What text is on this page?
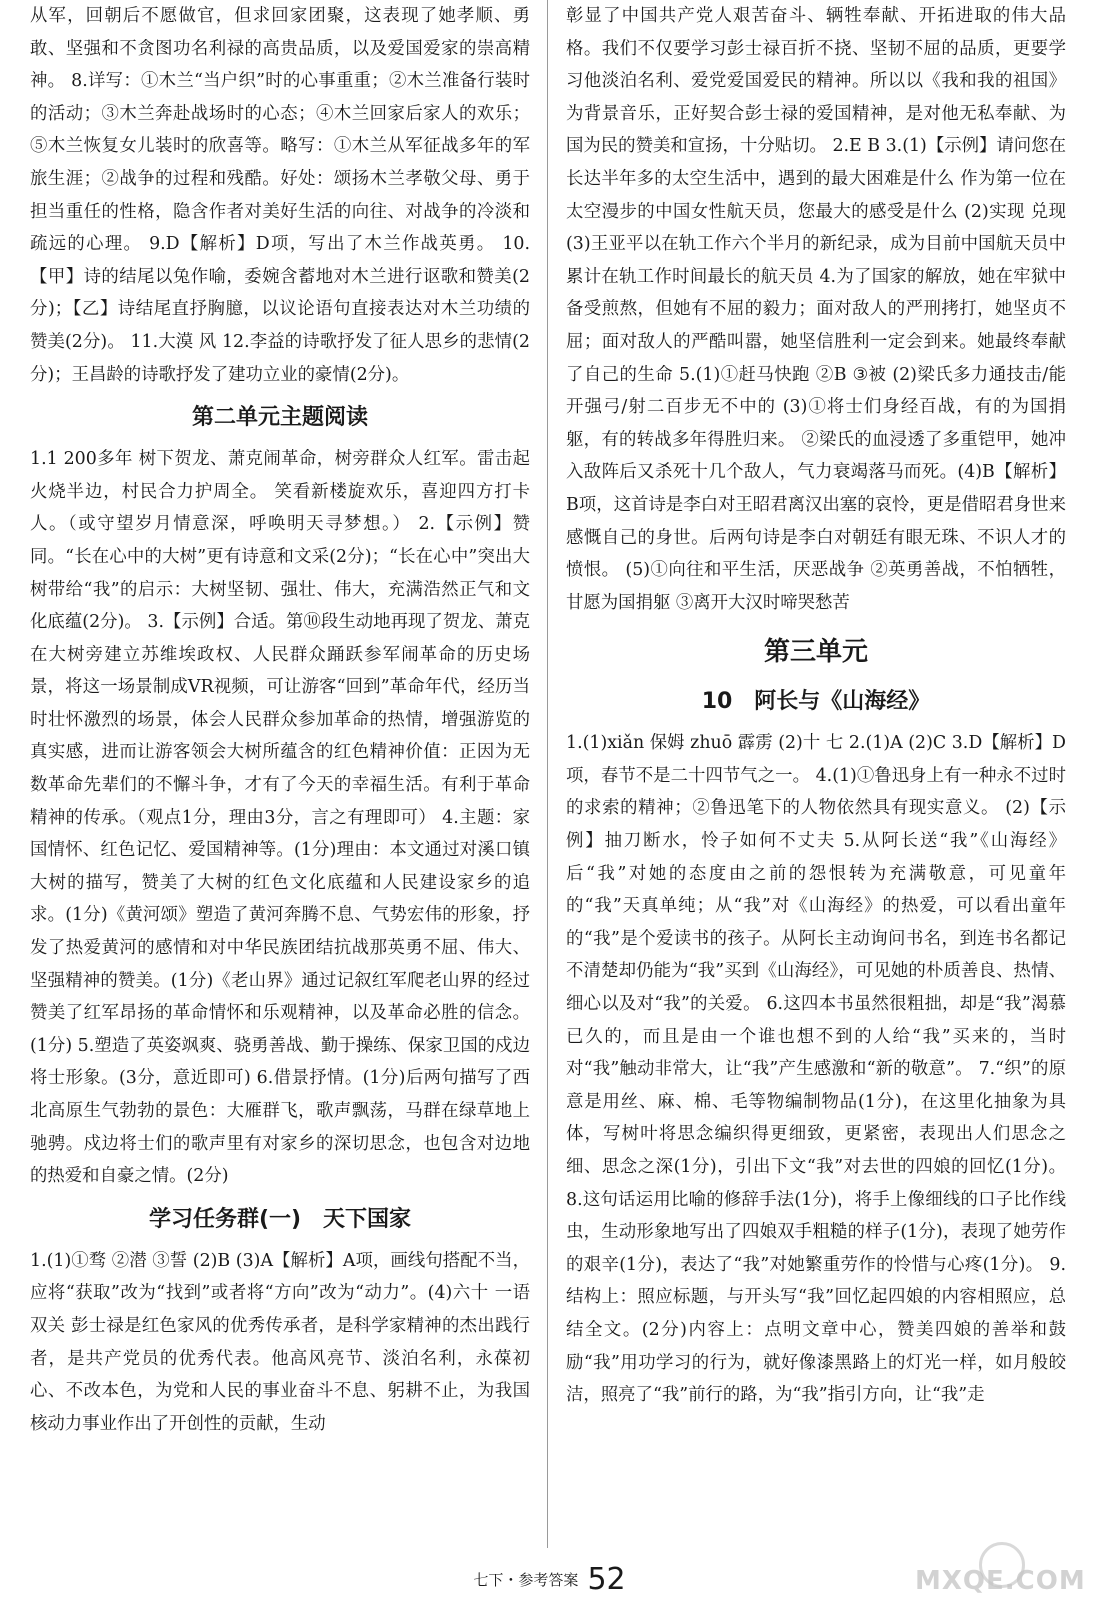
从军，回朝后不愿做官，但求回家团聚，这表现了她孝顺、勇敢、坚强和不贪图功名利禄的高贵品质，以及爱国爱家的崇高精神。 8.详写：①木兰“当户织”时的心事重重；②木兰准备行装时的活动；③木兰奔赴战场时的心态；④木兰回家后家人的欢乐；⑤木兰恢复女儿装时的欣喜等。略写：①木兰从军征战多年的军旅生涯；②战争的过程和残酷。好处：颂扬木兰孝敬父母、勇于担当重任的性格，隐含作者对美好生活的向往、对战争的冷淡和疏远的心理。 9.D【解析】D项，写出了木兰作战英勇。 10.【甲】诗的结尾以兔作喻，委婉含蓄地对木兰进行讴歌和赞美(2分)；【乙】诗结尾直抒胸臆，以议论语句直接表达对木兰功绩的赞美(2分)。 11.大漠 风 12.李益的诗歌抒发了征人思乡的悲情(2分)；王昌龄的诗歌抒发了建功立业的豪情(2分)。

第二单元主题阅读

1.1 200多年 树下贺龙、萧克闹革命，树旁群众人红军。雷击起火烧半边，村民合力护周全。 笑看新楼旋欢乐，喜迎四方打卡人。（或守望岁月情意深，呼唤明天寻梦想。） 2.【示例】赞同。“长在心中的大树”更有诗意和文采(2分)；“长在心中”突出大树带给“我”的启示：大树坚韧、强壮、伟大，充满浩然正气和文化底蕴(2分)。 3.【示例】合适。第⑩段生动地再现了贺龙、萧克在大树旁建立苏维埃政权、人民群众踊跃参军闹革命的历史场景，将这一场景制成VR视频，可让游客“回到”革命年代，经历当时壮怀激烈的场景，体会人民群众参加革命的热情，增强游览的真实感，进而让游客领会大树所蕴含的红色精神价值：正因为无数革命先辈们的不懈斗争，才有了今天的幸福生活。有利于革命精神的传承。（观点1分，理由3分，言之有理即可） 4.主题：家国情怀、红色记忆、爱国精神等。(1分)理由：本文通过对溪口镇大树的描写，赞美了大树的红色文化底蕴和人民建设家乡的追求。(1分)《黄河颂》塑造了黄河奔腾不息、气势宏伟的形象，抒发了热爱黄河的感情和对中华民族团结抗战那英勇不屈、伟大、坚强精神的赞美。(1分)《老山界》通过记叙红军爬老山界的经过赞美了红军昂扬的革命情怀和乐观精神，以及革命必胜的信念。(1分) 5.塑造了英姿飒爽、骁勇善战、勤于操练、保家卫国的戍边将士形象。(3分，意近即可) 6.借景抒情。(1分)后两句描写了西北高原生气勃勃的景色：大雁群飞，歌声飘荡，马群在绿草地上驰骋。戍边将士们的歌声里有对家乡的深切思念，也包含对边地的热爱和自豪之情。(2分)

学习任务群(一)　天下国家

1.(1)①骛 ②潜 ③誓 (2)B (3)A【解析】A项，画线句搭配不当，应将“获取”改为“找到”或者将“方向”改为“动力”。(4)六十 一语双关 彭士禄是红色家风的优秀传承者，是科学家精神的杰出践行者，是共产党员的优秀代表。他高风亮节、淡泊名利，永葆初心、不改本色，为党和人民的事业奋斗不息、躬耕不止，为我国核动力事业作出了开创性的贡献，生动

彰显了中国共产党人艰苦奋斗、辆牲奉献、开拓进取的伟大品格。我们不仅要学习彭士禄百折不挠、坚韧不屈的品质，更要学习他淡泊名利、爱党爱国爱民的精神。所以以《我和我的祖国》为背景音乐，正好契合彭士禄的爱国精神，是对他无私奉献、为国为民的赞美和宣扬，十分贴切。 2.E B 3.(1)【示例】请问您在长达半年多的太空生活中，遇到的最大困难是什么 作为第一位在太空漫步的中国女性航天员，您最大的感受是什么 (2)实现 兑现 (3)王亚平以在轨工作六个半月的新纪录，成为目前中国航天员中累计在轨工作时间最长的航天员 4.为了国家的解放，她在牢狱中备受煎熬，但她有不屈的毅力；面对敌人的严刑拷打，她坚贞不屈；面对敌人的严酷叫嚣，她坚信胜利一定会到来。她最终奉献了自己的生命 5.(1)①赶马快跑 ②B ③被 (2)梁氏多力通技击/能开强弓/射二百步无不中的 (3)①将士们身经百战，有的为国捐躯，有的转战多年得胜归来。 ②梁氏的血浸透了多重铠甲，她冲入敌阵后又杀死十几个敌人，气力衰竭落马而死。(4)B【解析】B项，这首诗是李白对王昭君离汉出塞的哀怜，更是借昭君身世来感慨自己的身世。后两句诗是李白对朝廷有眼无珠、不识人才的愤恨。 (5)①向往和平生活，厌恶战争 ②英勇善战，不怕牺牲，甘愿为国捐躯 ③离开大汉时啼哭愁苦

第三单元
10　阿长与《山海经》

1.(1)xiǎn 保姆 zhuō 霹雳 (2)十 七 2.(1)A (2)C 3.D【解析】D项，春节不是二十四节气之一。 4.(1)①鲁迅身上有一种永不过时的求索的精神；②鲁迅笔下的人物依然具有现实意义。 (2)【示例】抽刀断水，怜子如何不丈夫 5.从阿长送“我”《山海经》后“我”对她的态度由之前的怨恨转为充满敬意，可见童年的“我”天真单纯；从“我”对《山海经》的热爱，可以看出童年的“我”是个爱读书的孩子。从阿长主动询问书名，到连书名都记不清楚却仍能为“我”买到《山海经》，可见她的朴质善良、热情、细心以及对“我”的关爱。 6.这四本书虽然很粗拙，却是“我”渴慕已久的，而且是由一个谁也想不到的人给“我”买来的，当时对“我”触动非常大，让“我”产生感激和“新的敬意”。 7.“织”的原意是用丝、麻、棉、毛等物编制物品(1分)，在这里化抽象为具体，写树叶将思念编织得更细致，更紧密，表现出人们思念之细、思念之深(1分)，引出下文“我”对去世的四娘的回忆(1分)。 8.这句话运用比喻的修辞手法(1分)，将手上像细线的口子比作线虫，生动形象地写出了四娘双手粗糙的样子(1分)，表现了她劳作的艰辛(1分)，表达了“我”对她繁重劳作的怜惜与心疼(1分)。 9.结构上：照应标题，与开头写“我”回忆起四娘的内容相照应，总结全文。(2分)内容上：点明文章中心，赞美四娘的善举和鼓励“我”用功学习的行为，就好像漆黑路上的灯光一样，如月般皎洁，照亮了“我”前行的路，为“我”指引方向，让“我”走

七下・参考答案 52	MXQE.COM
